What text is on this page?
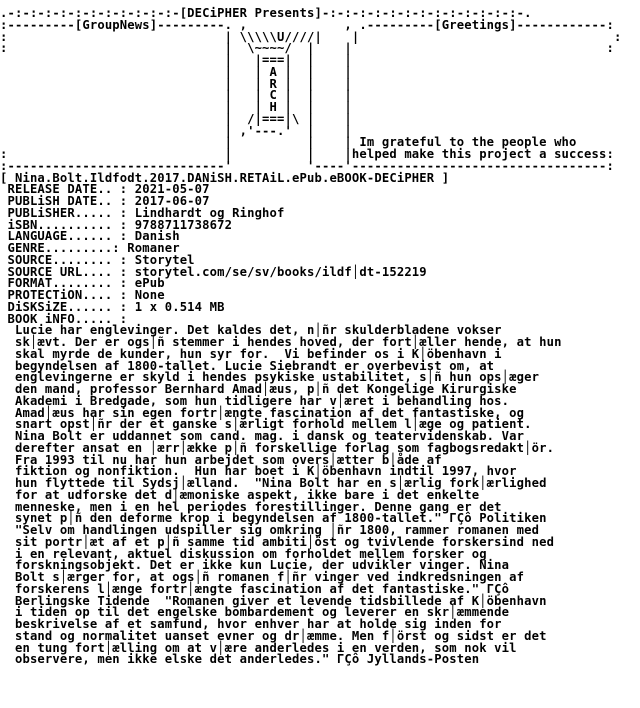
.-:-:-:-:-:-:-:-:-:-:-:-[DECiPHER Presents]-:-:-:-:-:-:-:-:-:-:-:-:-:-.
:---------[GroupNews]---------. ,             , .---------[Greetings]------------:
:                             | \\\\\U////|    |                                  :
:                             |  \~~~~/  |    |                                  :
|   |===|  |    |
|   | A |  |    |
|   | R |  |    |
|   | C |  |    |
|   | H |  |    |
|  /|===|\ |    |
| ,'---.'  |    |
|          |    | Im grateful to the people who
:                             |          |    |helped make this project a success:
:-----------------------------'          '----'----------------------------------:
[ Nina.Bolt.Ildfodt.2017.DANiSH.RETAiL.ePub.eBOOK-DECiPHER ]
RELEASE DATE.. : 2021-05-07
PUBLiSH DATE.. : 2017-06-07
PUBLiSHER..... : Lindhardt og Ringhof
iSBN.......... : 9788711738672
LANGUAGE...... : Danish
GENRE.........: Romaner
SOURCE........ : Storytel
SOURCE URL.... : storytel.com/se/sv/books/ildf│dt-152219
FORMAT........ : ePub
PROTECTiON.... : None
DiSKSiZE...... : 1 x 0.514 MB
BOOK iNFO..... :
Lucie har englevinger. Det kaldes det, n│ñr skulderbladene vokser
sk│ævt. Der er ogs│ñ stemmer i hendes hoved, der fort│æller hende, at hun
skal myrde de kunder, hun syr for.  Vi befinder os i K│öbenhavn i
begyndelsen af 1800-tallet. Lucie Siebrandt er overbevist om, at
englevingerne er skyld i hendes psykiske ustabilitet, s│ñ hun ops│æger
den mand, professor Bernhard Amad│æus, p│ñ det Kongelige Kirurgiske
Akademi i Bredgade, som hun tidligere har v│æret i behandling hos.
Amad│æus har sin egen fortr│ængte fascination af det fantastiske, og
snart opst│ñr der et ganske s│ærligt forhold mellem l│æge og patient.
Nina Bolt er uddannet som cand. mag. i dansk og teatervidenskab. Var
derefter ansat en │ærr│ække p│ñ forskellige forlag som fagbogsredakt│ör.
Fra 1993 til nu har hun arbejdet som overs│ætter b│åde af
fiktion og nonfiktion.  Hun har boet i K│öbenhavn indtil 1997, hvor
hun flyttede til Sydsj│ælland.  "Nina Bolt har en s│ærlig fork│ærlighed
for at udforske det d│æmoniske aspekt, ikke bare i det enkelte
menneske, men i en hel periodes forestillinger. Denne gang er det
synet p│ñ den deforme krop i begyndelsen af 1800-tallet." ΓÇô Politiken
"Selv om handlingen udspiller sig omkring │ñr 1800, rammer romanen med
sit portr│æt af et p│ñ samme tid ambiti│öst og tvivlende forskersind ned
i en relevant, aktuel diskussion om forholdet mellem forsker og
forskningsobjekt. Det er ikke kun Lucie, der udvikler vinger. Nina
Bolt s│ærger for, at ogs│ñ romanen f│ñr vinger ved indkredsningen af
forskerens l│ænge fortr│ængte fascination af det fantastiske." ΓÇô
Berlingske Tidende  "Romanen giver et levende tidsbillede af K│öbenhavn
i tiden op til det engelske bombardement og leverer en skr│æmmende
beskrivelse af et samfund, hvor enhver har at holde sig inden for
stand og normalitet uanset evner og dr│æmme. Men f│örst og sidst er det
en tung fort│ælling om at v│ære anderledes i en verden, som nok vil
observere, men ikke elske det anderledes." ΓÇô Jyllands-Posten
